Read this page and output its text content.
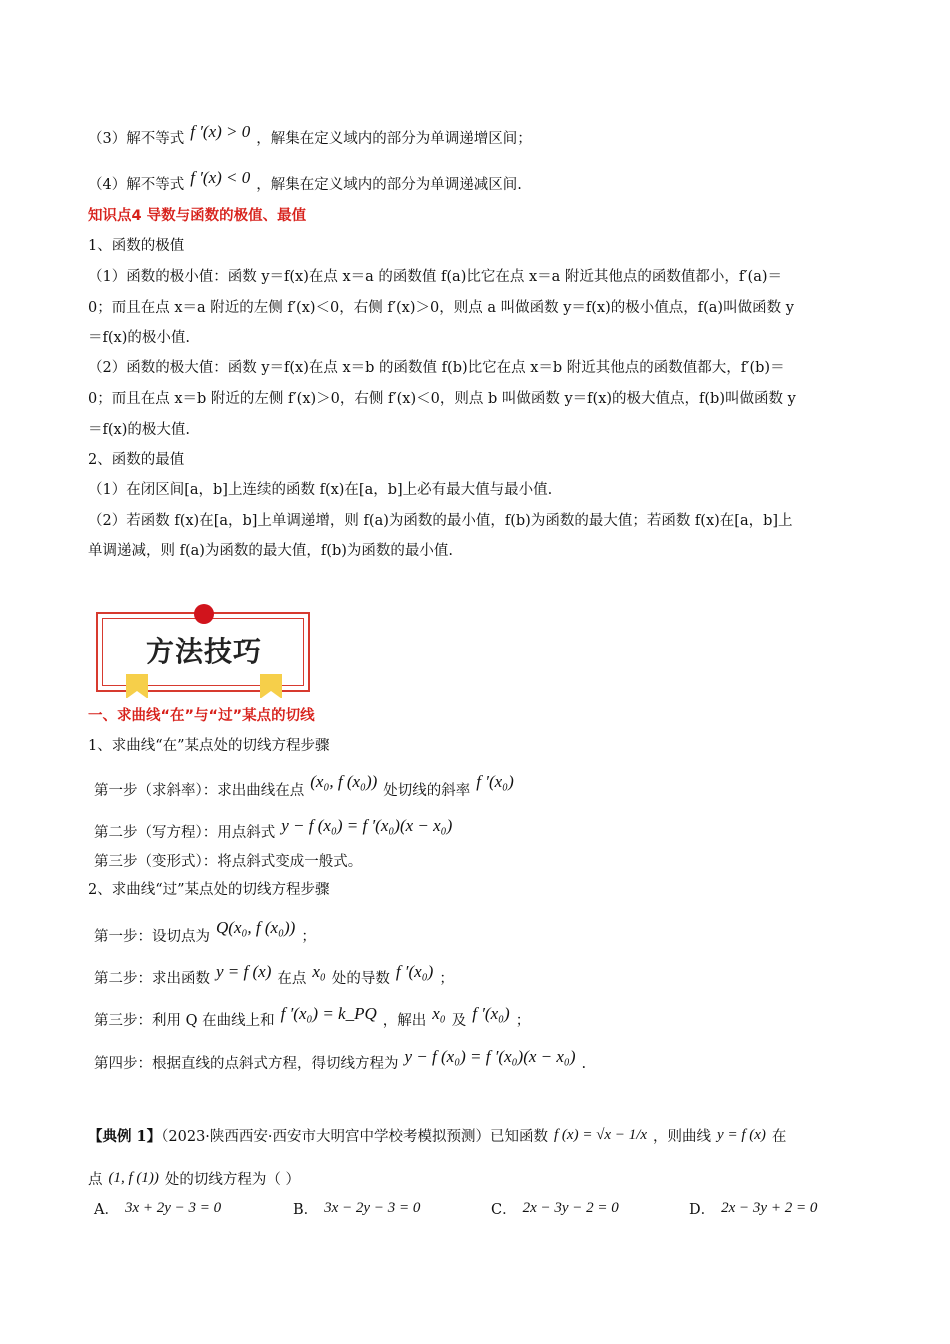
（3）解不等式 f ′(x) > 0 ，解集在定义域内的部分为单调递增区间；
（4）解不等式 f ′(x) < 0 ，解集在定义域内的部分为单调递减区间.
知识点4 导数与函数的极值、最值
1、函数的极值
（1）函数的极小值：函数 y＝f(x)在点 x＝a 的函数值 f(a)比它在点 x＝a 附近其他点的函数值都小，f′(a)＝
0；而且在点 x＝a 附近的左侧 f′(x)＜0，右侧 f′(x)＞0，则点 a 叫做函数 y＝f(x)的极小值点，f(a)叫做函数 y
＝f(x)的极小值.
（2）函数的极大值：函数 y＝f(x)在点 x＝b 的函数值 f(b)比它在点 x＝b 附近其他点的函数值都大，f′(b)＝
0；而且在点 x＝b 附近的左侧 f′(x)＞0，右侧 f′(x)＜0，则点 b 叫做函数 y＝f(x)的极大值点，f(b)叫做函数 y
＝f(x)的极大值.
2、函数的最值
（1）在闭区间[a，b]上连续的函数 f(x)在[a，b]上必有最大值与最小值.
（2）若函数 f(x)在[a，b]上单调递增，则 f(a)为函数的最小值，f(b)为函数的最大值；若函数 f(x)在[a，b]上
单调递减，则 f(a)为函数的最大值，f(b)为函数的最小值.
方法技巧
一、求曲线“在”与“过”某点的切线
1、求曲线“在”某点处的切线方程步骤
第一步（求斜率）：求出曲线在点 (x₀, f (x₀)) 处切线的斜率 f ′(x₀)
第二步（写方程）：用点斜式 y − f (x₀) = f ′(x₀)(x − x₀)
第三步（变形式）：将点斜式变成一般式。
2、求曲线“过”某点处的切线方程步骤
第一步：设切点为 Q(x₀, f (x₀)) ；
第二步：求出函数 y = f (x) 在点 x₀ 处的导数 f ′(x₀) ；
第三步：利用 Q 在曲线上和 f ′(x₀) = k_PQ ，解出 x₀ 及 f ′(x₀) ；
第四步：根据直线的点斜式方程，得切线方程为 y − f (x₀) = f ′(x₀)(x − x₀) .
【典例 1】（2023·陕西西安·西安市大明宫中学校考模拟预测）已知函数 f (x) = √x − 1/x ，则曲线 y = f (x) 在
点 (1, f (1)) 处的切线方程为（ ）
A． 3x + 2y − 3 = 0	B． 3x − 2y − 3 = 0	C． 2x − 3y − 2 = 0	D． 2x − 3y + 2 = 0
